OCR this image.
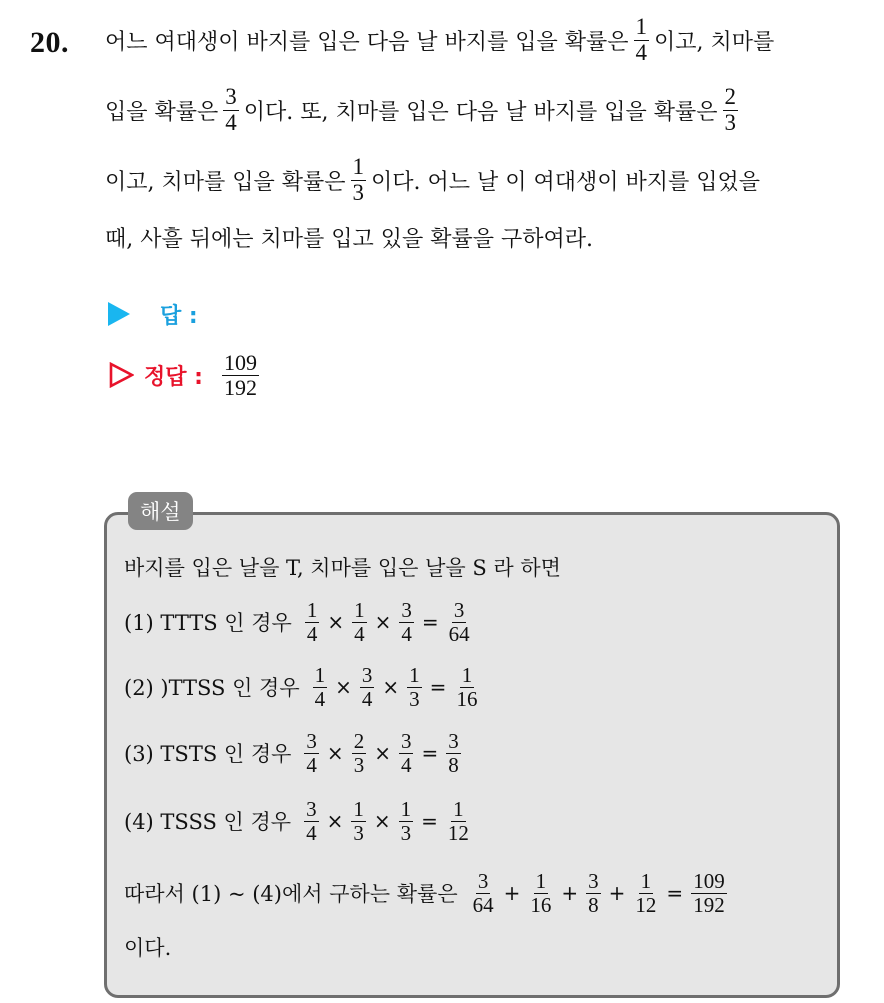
20. 어느 여대생이 바지를 입은 다음 날 바지를 입을 확률은 $\frac{1}{4}$ 이고, 치마를
입을 확률은 $\frac{3}{4}$ 이다. 또, 치마를 입은 다음 날 바지를 입을 확률은 $\frac{2}{3}$
이고, 치마를 입을 확률은 $\frac{1}{3}$ 이다. 어느 날 이 여대생이 바지를 입었을
때, 사흘 뒤에는 치마를 입고 있을 확률을 구하여라.
답 :
정답 : $\frac{109}{192}$
해설
바지를 입은 날을 T, 치마를 입은 날을 S 라 하면
(1) TTTS 인 경우 $\frac{1}{4} \times \frac{1}{4} \times \frac{3}{4} = \frac{3}{64}$
(2) )TTSS 인 경우 $\frac{1}{4} \times \frac{3}{4} \times \frac{1}{3} = \frac{1}{16}$
(3) TSTS 인 경우 $\frac{3}{4} \times \frac{2}{3} \times \frac{3}{4} = \frac{3}{8}$
(4) TSSS 인 경우 $\frac{3}{4} \times \frac{1}{3} \times \frac{1}{3} = \frac{1}{12}$
따라서 (1) ~ (4)에서 구하는 확률은 $\frac{3}{64} + \frac{1}{16} + \frac{3}{8} + \frac{1}{12} = \frac{109}{192}$
이다.
